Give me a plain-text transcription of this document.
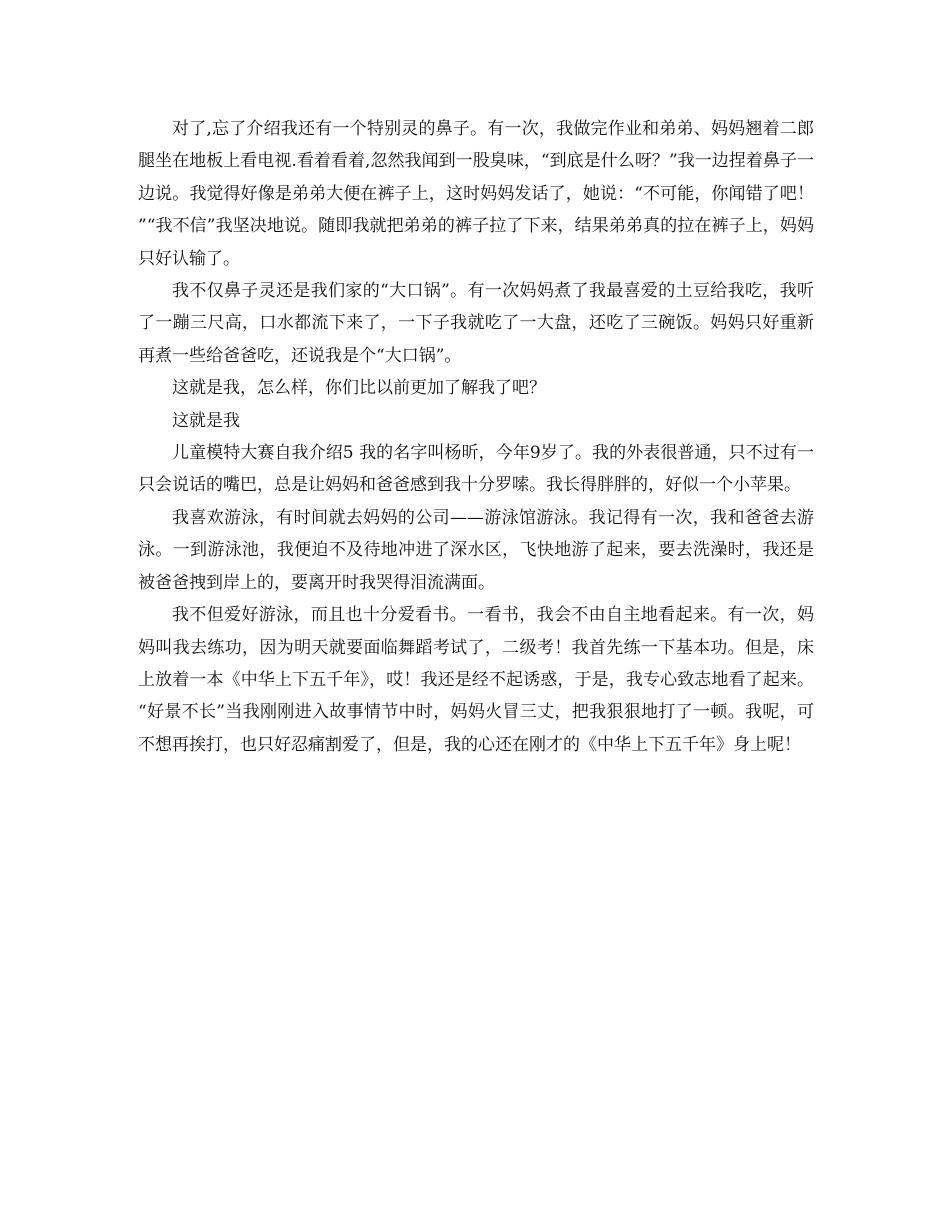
对了,忘了介绍我还有一个特别灵的鼻子。有一次，我做完作业和弟弟、妈妈翘着二郎腿坐在地板上看电视.看着看着,忽然我闻到一股臭味，“到底是什么呀？”我一边捏着鼻子一边说。我觉得好像是弟弟大便在裤子上，这时妈妈发话了，她说：“不可能，你闻错了吧！”“我不信”我坚决地说。随即我就把弟弟的裤子拉了下来，结果弟弟真的拉在裤子上，妈妈只好认输了。

我不仅鼻子灵还是我们家的“大口锅”。有一次妈妈煮了我最喜爱的土豆给我吃，我听了一蹦三尺高，口水都流下来了，一下子我就吃了一大盘，还吃了三碗饭。妈妈只好重新再煮一些给爸爸吃，还说我是个“大口锅”。

这就是我，怎么样，你们比以前更加了解我了吧？

这就是我

儿童模特大赛自我介绍5 我的名字叫杨昕，今年9岁了。我的外表很普通，只不过有一只会说话的嘴巴，总是让妈妈和爸爸感到我十分罗嗦。我长得胖胖的，好似一个小苹果。

我喜欢游泳，有时间就去妈妈的公司——游泳馆游泳。我记得有一次，我和爸爸去游泳。一到游泳池，我便迫不及待地冲进了深水区，飞快地游了起来，要去洗澡时，我还是被爸爸拽到岸上的，要离开时我哭得泪流满面。

我不但爱好游泳，而且也十分爱看书。一看书，我会不由自主地看起来。有一次，妈妈叫我去练功，因为明天就要面临舞蹈考试了，二级考！我首先练一下基本功。但是，床上放着一本《中华上下五千年》，哎！我还是经不起诱惑，于是，我专心致志地看了起来。“好景不长”当我刚刚进入故事情节中时，妈妈火冒三丈，把我狠狠地打了一顿。我呢，可不想再挨打，也只好忍痛割爱了，但是，我的心还在刚才的《中华上下五千年》身上呢！
